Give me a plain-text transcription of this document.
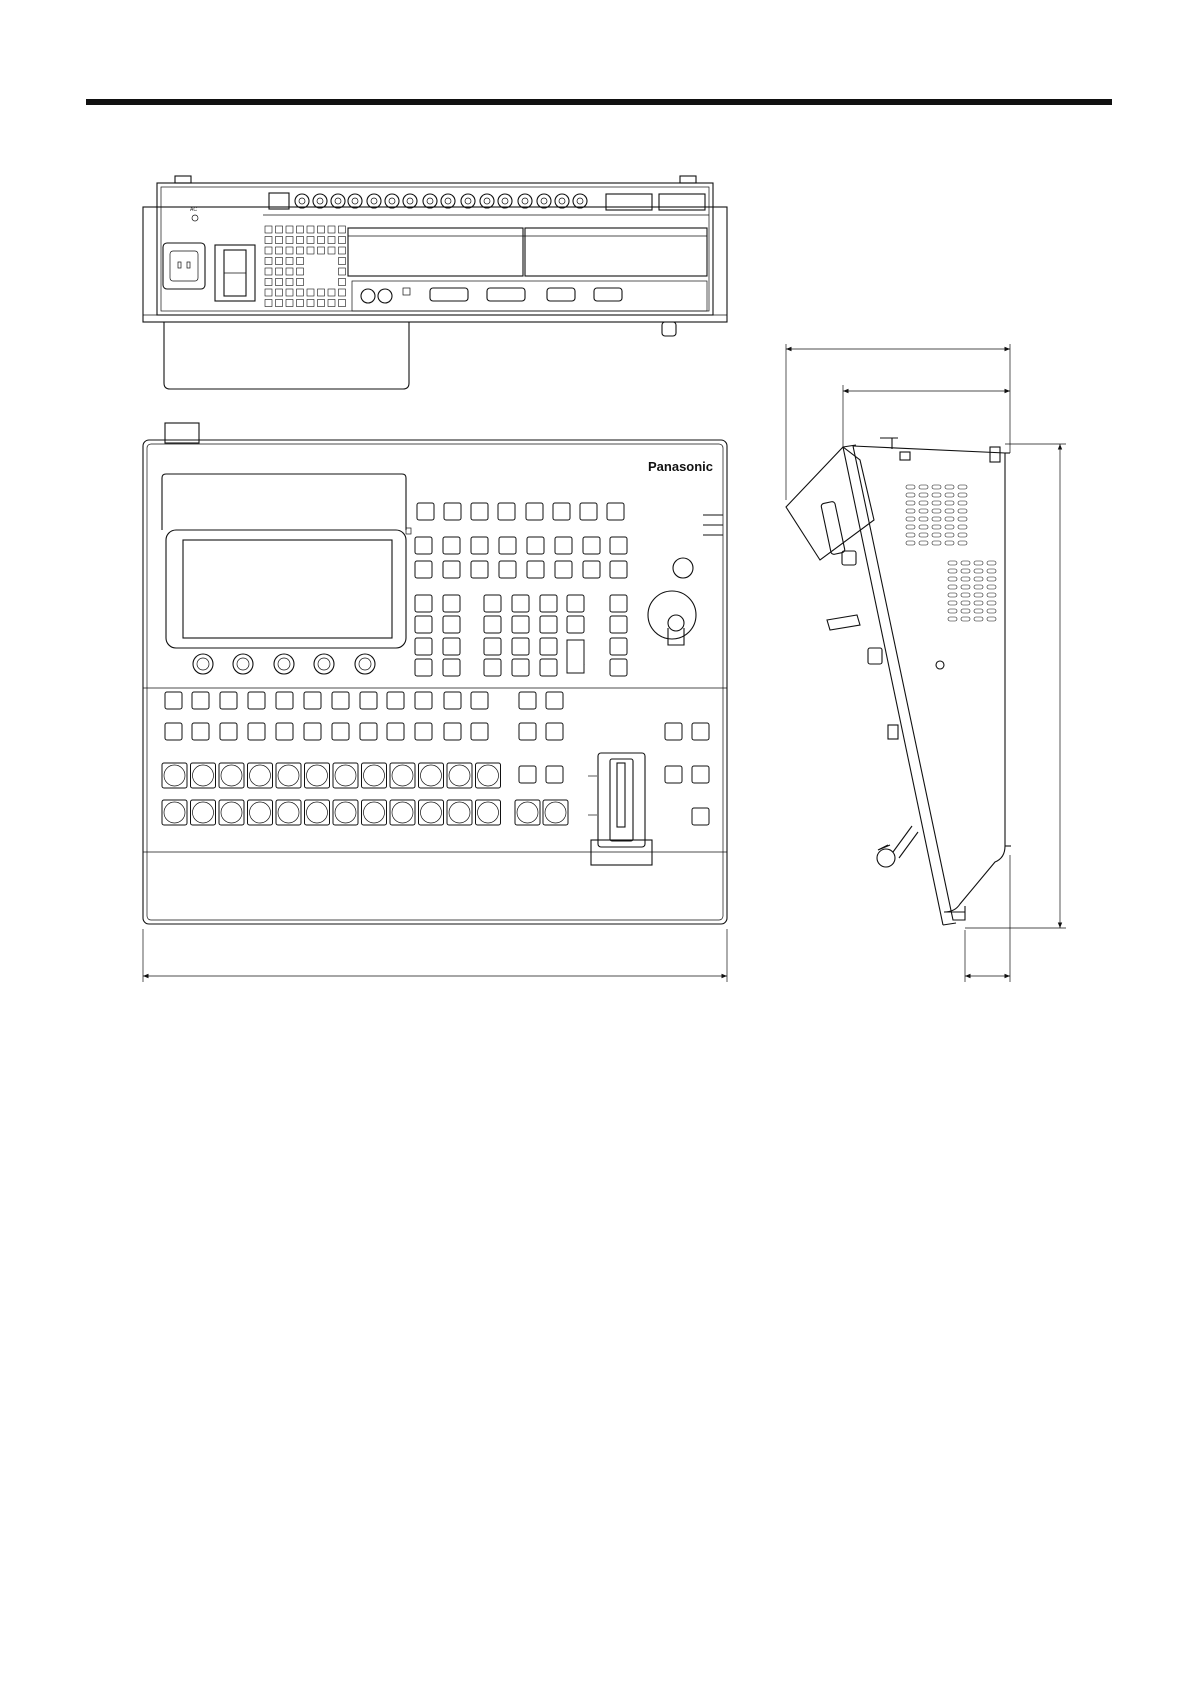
AC
Panasonic
